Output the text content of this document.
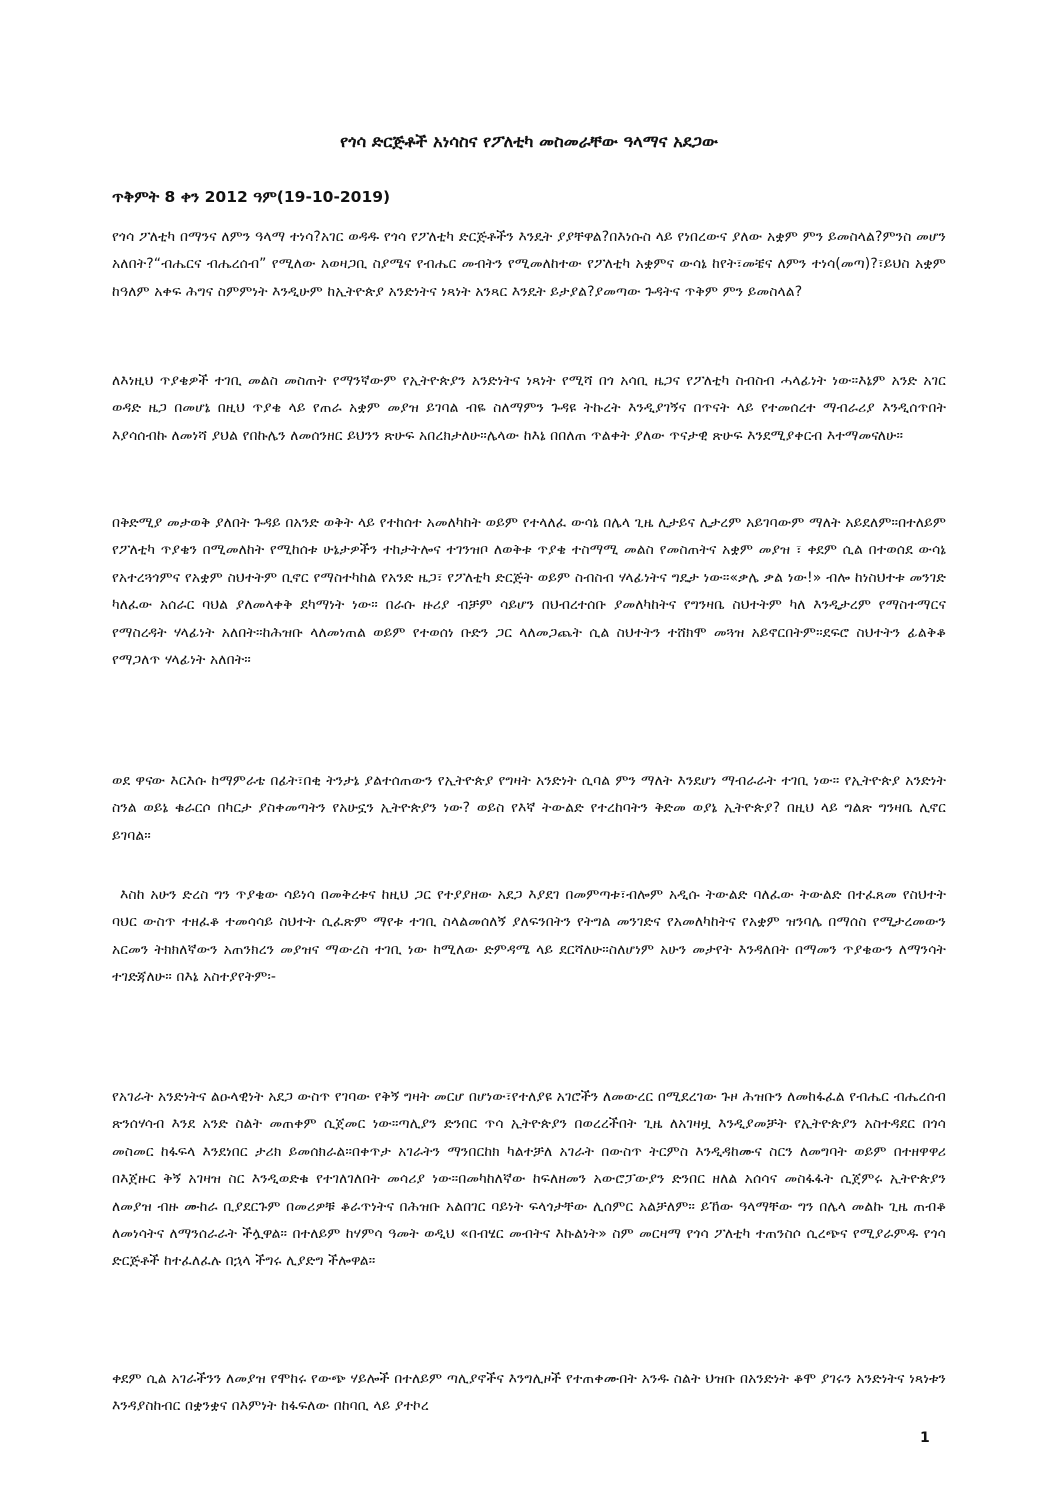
የጎሳ ድርጅቶች አነሳስና የፖለቲካ መስመራቸው ዓላማና አደጋው

ጥቅምት 8 ቀን 2012 ዓም(19-10-2019)

የጎሳ ፖለቲካ በማንና ለምን ዓላማ ተነሳ?አገር ወዳዱ የጎሳ የፖለቲካ ድርጅቶችን እንዴት ያያቸዋል?በእነሱስ ላይ የነበረውና ያለው አቋም ምን ይመስላል?ምንስ መሆን አለበት?“ብሔርና ብሔረሰብ” የሚለው አወዛጋቢ ስያሜና የብሔር መብትን የሚመለከተው የፖለቲካ አቋምና ውሳኔ ከየት፣መቼና ለምን ተነሳ(መጣ)?፣ይህስ አቋም ከዓለም አቀፍ ሕግና ስምምነት እንዲሁም ከኢትዮጵያ አንድነትና ነጻነት አንጻር እንዴት ይታያል?ያመጣው ጉዳትና ጥቅም ምን ይመስላል?

ለእነዚህ ጥያቄዎች ተገቢ መልስ መስጠት የማንኛው‌ም የኢትዮጵያን አንድነትና ነጻነት የሚሻ በጎ አሳቢ ዜጋና የፖለቲካ ስብስብ ሓላፊነት ነው።እኔም አንድ አገር ወዳድ ዜጋ በመሆኔ በዚህ ጥያቄ ላይ የጠራ አቋም መያዝ ይገባል ብዬ ስለማምን ጉዳዩ ትኩረት እንዲያገኝና በጥናት ላይ የተመሰረተ ማብራሪያ እንዲሰጥበት እያሳሰብኩ ለመነሻ ያህል የበኩሌን ለመሰንዘር ይህንን ጽሁፍ አበረክታለሁ።ሌላው ከእኔ በበለጠ ጥልቀት ያለው ጥናታዊ ጽሁፍ እንደሚያቀርብ እተማመናለሁ።

በቅድሚያ መታወቅ ያለበት ጉዳይ በአንድ ወቅት ላይ የተከሰተ አመለካከት ወይም የተላለፈ ውሳኔ በሌላ ጊዜ ሊታይና ሊታረም አይገባውም ማለት አይደለም።በተለይም የፖለቲካ ጥያቄን በሚመለከት የሚከሰቱ ሁኔታዎችን ተከታትሎና ተገንዝቦ ለወቅቱ ጥያቄ ተስማሚ መልስ የመስጠትና አቋም መያዝ ፣ ቀደም ሲል በተወሰደ ውሳኔ የአተረጓጎምና የአቋም ስህተትም ቢኖር የማስተካከል የአንድ ዜጋ፣ የፖለቲካ ድርጅት ወይም ስብስብ ሃላፊነትና ግዴታ ነው።«ቃሌ ቃል ነው!» ብሎ ከነስህተቱ መንገድ ካለፈው አሰራር ባህል ያለመላቀቅ ደካማነት ነው። በራሱ ዙሪያ ብቻም ሳይሆን በህብረተሰቡ ያመለካከትና የግንዛቤ ስህተትም ካለ እንዲታረም የማስተማርና የማስረዳት ሃላፊነት አለበት።ከሕዝቡ ላለመነጠል ወይም የተወሰነ ቡድን ጋር ላለመጋጨት ሲል ስህተትን ተሸክሞ መጓዝ አይኖርበትም።ደፍሮ ስህተትን ፊልቅቆ የማጋለጥ ሃላፊነት አለበት።

ወደ ዋናው እርእሱ ከማምራቴ በፊት፣በቂ ትንታኔ ያልተሰጠውን የኢትዮጵያ የግዛት አንድነት ሲባል ምን ማለት እንደሆነ ማብራራት ተገቢ ነው። የኢትዮጵያ አንድነት ስንል ወይኔ ቁራርሶ በካርታ ያስቀመጣትን የአሁኗን ኢትዮጵያን ነው? ወይስ የእኛ ትውልድ የተረከባትን ቅድመ ወያኔ ኢትዮጵያ? በዚህ ላይ ግልጽ ግንዛቤ ሊኖር ይገባል።

እስከ አሁን ድረስ ግን ጥያቄው ሳይነሳ በመቅረቱና ከዚህ ጋር የተያያዘው አደጋ እያደገ በመምጣቱ፣ብሎም አዲሱ ትውልድ ባለፈው ትውልድ በተፈጸመ የስህተት ባህር ውስጥ ተዘፈቆ ተመሳሳይ ስህተት ሲፈጽም ማየቱ ተገቢ ስላልመሰለኝ ያለፍንበትን የትግል መንገድና የአመለካከትና የአቋም ዝንባሌ በማሰስ የሚታረመውን አርመን ትክክለኛውን አጠንክረን መያዝና ማውረስ ተገቢ ነው ከሚለው ድምዳሜ ላይ ደርሻለሁ።ስለሆነም አሁን መታየት እንዳለበት በማመን ጥያቄውን ለማንሳት ተገድጃለሁ። በእኔ አስተያየትም፡-

የአገራት አንድነትና ልዑላዊነት አደጋ ውስጥ የገባው የቅኝ ግዛት መርሆ በሆነው፣የተለያዩ አገሮችን ለመውረር በሚደረገው ጉዞ ሕዝቡን ለመከፋፈል የብሔር ብሔረሰብ ጽንሰሃሳብ እንደ አንድ ስልት መጠቀም ሲጀመር ነው።ጣሊያን ድንበር ጥሳ ኢትዮጵያን በወረረችበት ጊዜ ለአገዛዟ እንዲያመቻት የኢትዮጵያን አስተዳደር በጎሳ መስመር ከፋፍላ እንደነበር ታሪክ ይመሰክራል።በቀጥታ አገራትን ማንበርከክ ካልተቻለ አገራት በውስጥ ትርምስ እንዲዳከሙና ስርን ለመግባት ወይም በተዘዋዋሪ በእጀዙር ቅኝ አገዛዝ ስር እንዲወድቁ የተገለገለበት መሳሪያ ነው።በመካከለኛው ከፍለዘመን አውሮፓውያን ድንበር ዘለል አሰሳና መስፋፋት ሲጀምሩ ኢትዮጵያን ለመያዝ ብዙ ሙከራ ቢያደርጉም በመሪዎቹ ቆራጥነትና በሕዝቡ አልበገር ባይነት ፍላጎታቸው ሊሰምር አልቻለም። ይኸው ዓላማቸው ግን በሌላ መልኩ ጊዜ ጠብቆ ለመነሳትና ለማንሰራራት ችሏዋል። በተለይም ከሃምሳ ዓመት ወዲህ «በብሄር መብትና እኩልነት» ስም መርዛማ የጎሳ ፖለቲካ ተጠንስሶ ሲረጭና የሚያራምዱ የጎሳ ድርጅቶች ከተፈለፈሉ በኋላ ችግሩ ሊያድግ ችሎዋል።

ቀደም ሲል አገራችንን ለመያዝ የሞከሩ የውጭ ሃይሎች በተለይም ጣሊያኖችና እንግሊዞች የተጠቀሙበት አንዱ ስልት ህዝቡ በአንድነት ቆሞ ያገሩን አንድነትና ነጻነቱን እንዳያስከብር በቋንቋና በእምነት ከፋፍለው በከባቢ ላይ ያተኮረ

1
